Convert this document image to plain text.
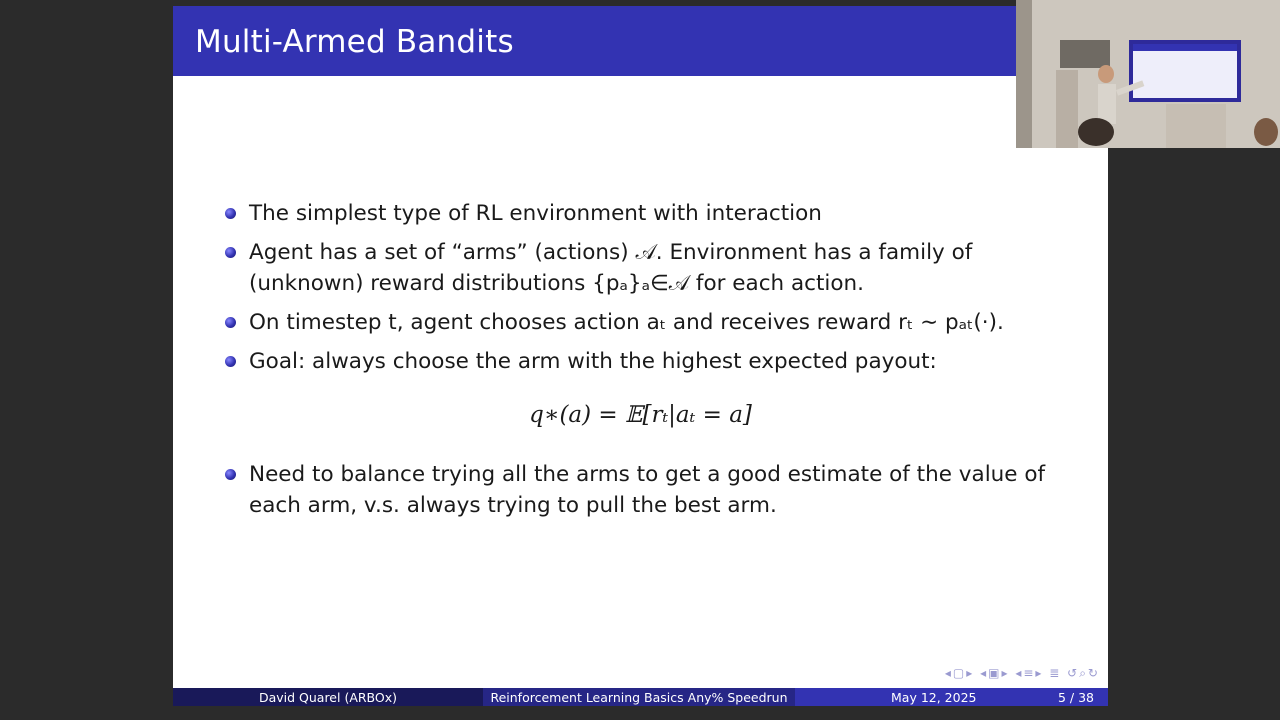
Multi-Armed Bandits
The simplest type of RL environment with interaction
Agent has a set of “arms” (actions) 𝒜. Environment has a family of (unknown) reward distributions {pₐ}ₐ∈𝒜 for each action.
On timestep t, agent chooses action aₜ and receives reward rₜ ∼ pₐₜ(·).
Goal: always choose the arm with the highest expected payout:
q∗(a) = 𝔼[rₜ|aₜ = a]
Need to balance trying all the arms to get a good estimate of the value of each arm, v.s. always trying to pull the best arm.
◂▢▸ ◂▣▸ ◂≡▸ ≣ ↺⌕↻
David Quarel (ARBOx)	Reinforcement Learning Basics Any% Speedrun	May 12, 2025	5 / 38
